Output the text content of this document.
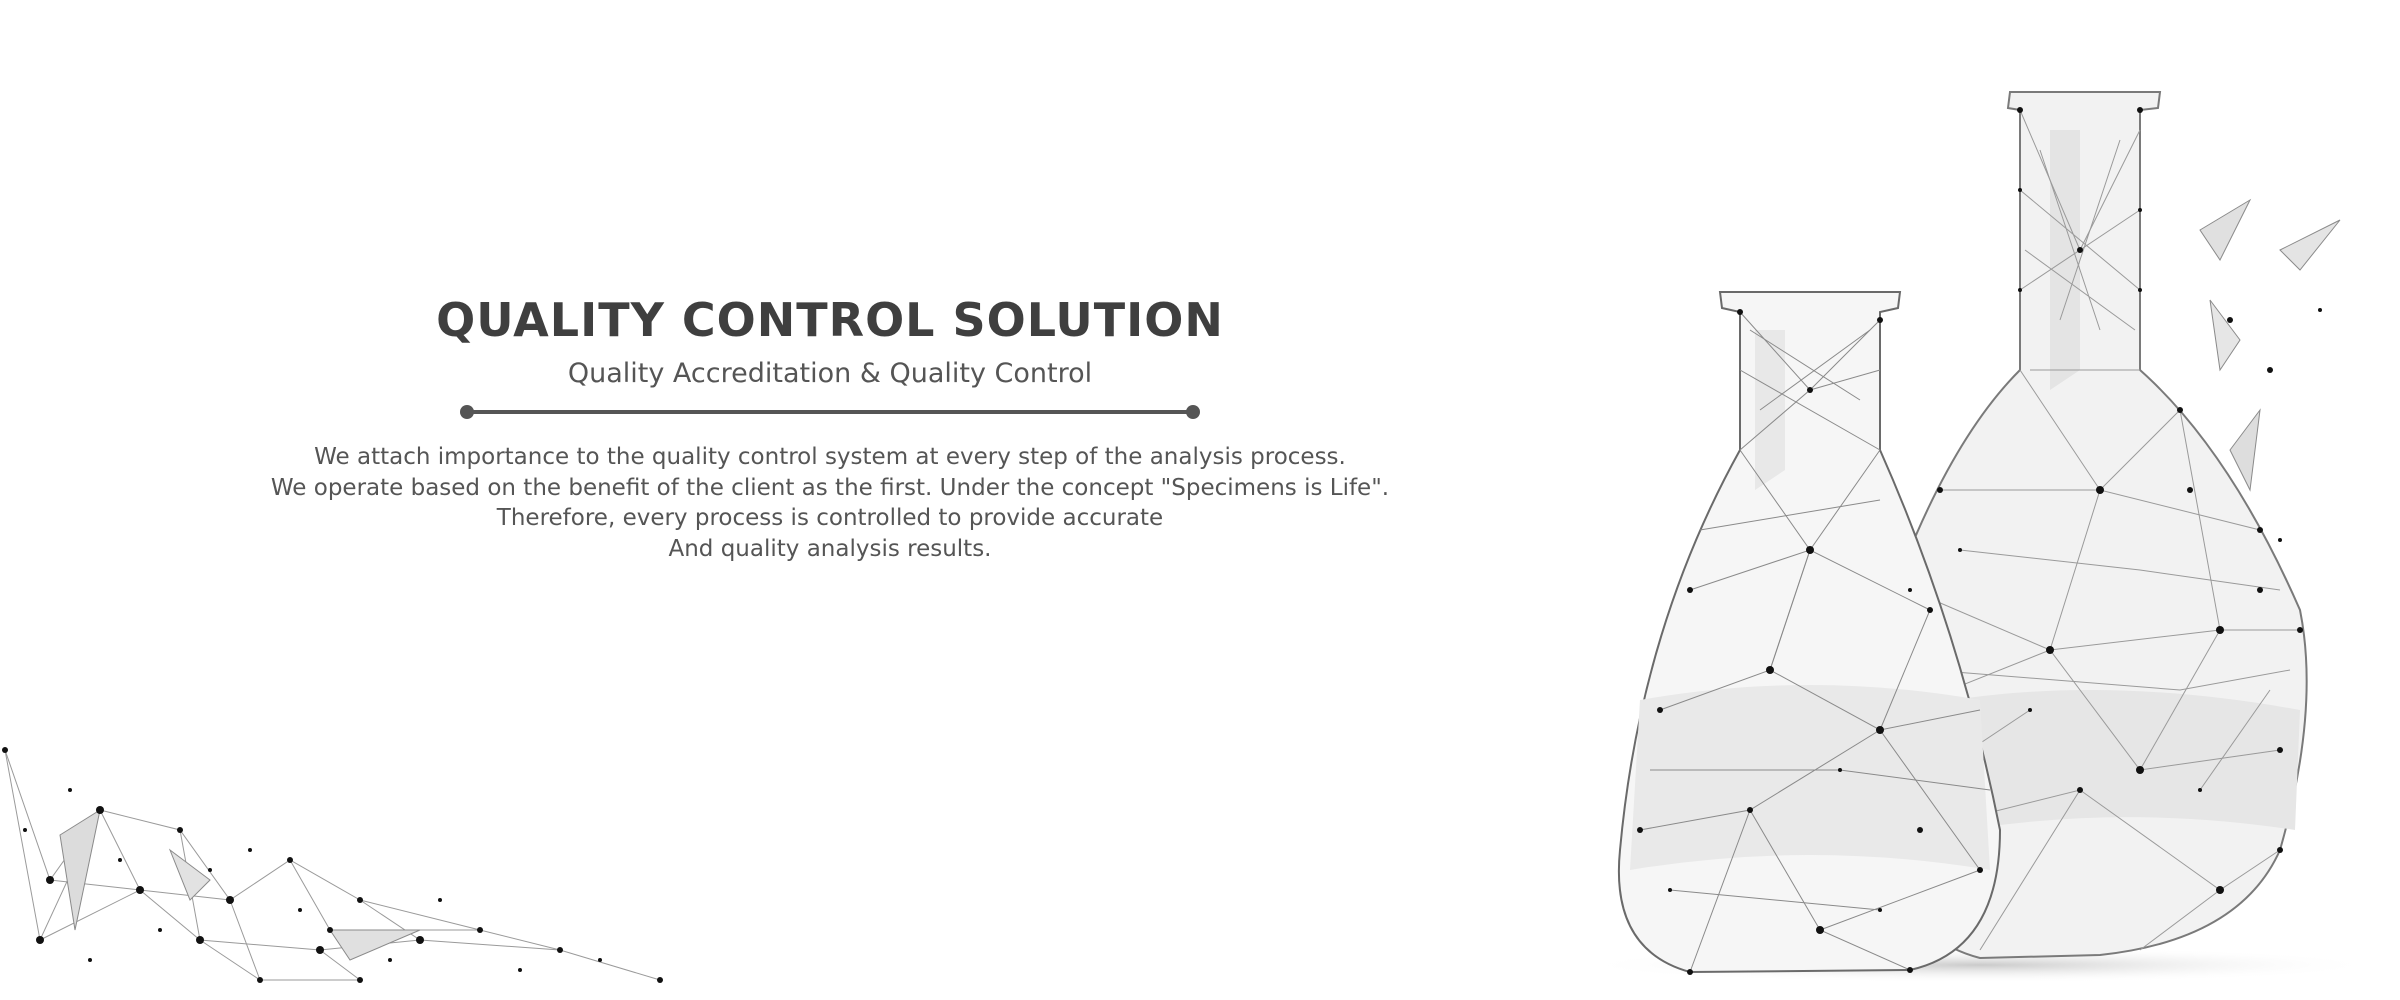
QUALITY CONTROL SOLUTION
Quality Accreditation & Quality Control

We attach importance to the quality control system at every step of the analysis process.

We operate based on the benefit of the client as the first. Under the concept "Specimens is Life".

Therefore, every process is controlled to provide accurate

And quality analysis results.
